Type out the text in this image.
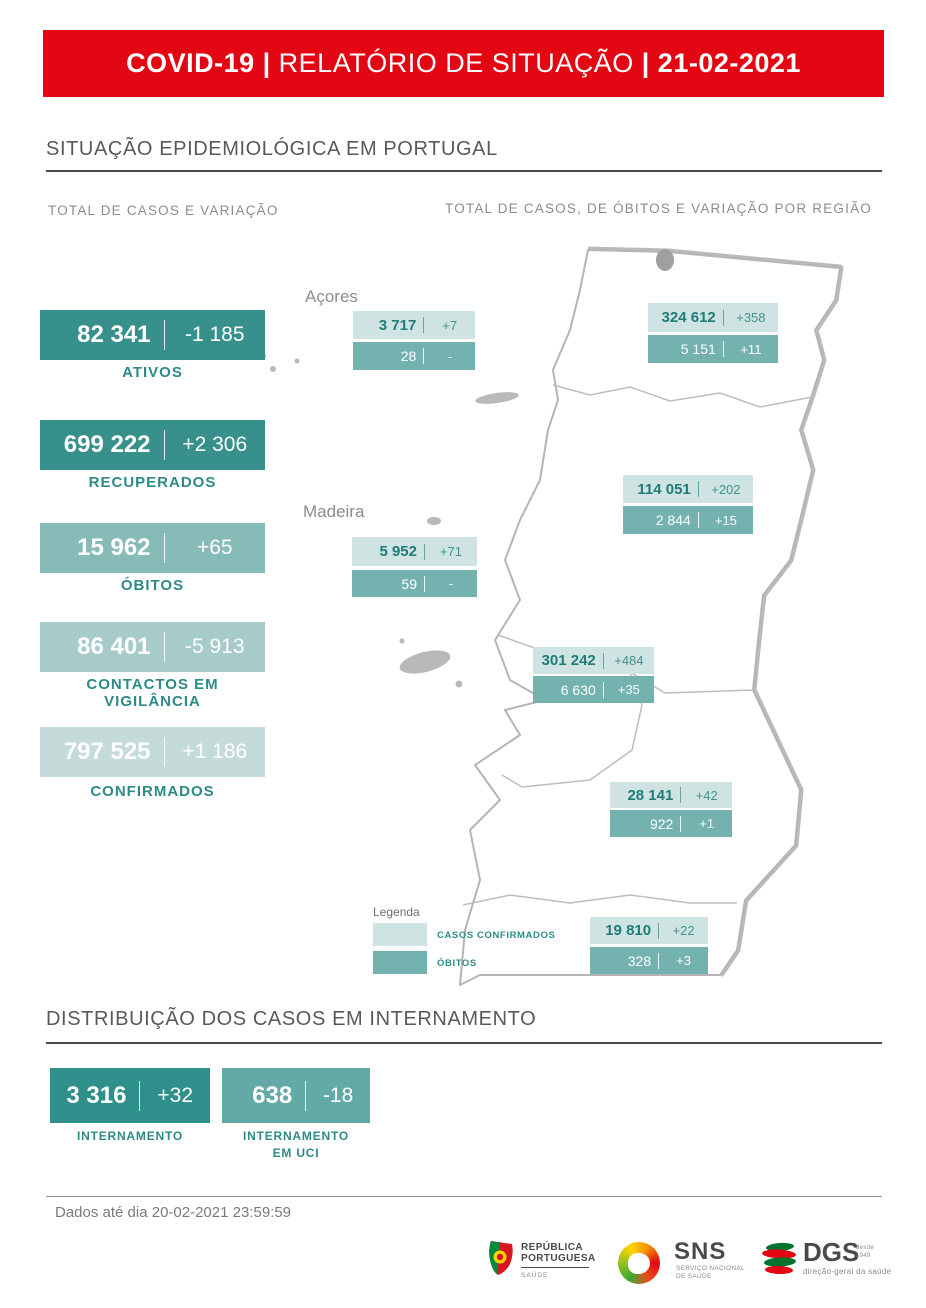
COVID-19 | RELATÓRIO DE SITUAÇÃO | 21-02-2021
SITUAÇÃO EPIDEMIOLÓGICA EM PORTUGAL
TOTAL DE CASOS E VARIAÇÃO	TOTAL DE CASOS, DE ÓBITOS E VARIAÇÃO POR REGIÃO
82 341	-1 185
ATIVOS
699 222	+2 306
RECUPERADOS
15 962	+65
ÓBITOS
86 401	-5 913
CONTACTOS EM VIGILÂNCIA
797 525	+1 186
CONFIRMADOS
Açores
3 717	+7
28	-
Madeira
5 952	+71
59	-
324 612	+358
5 151	+11
114 051	+202
2 844	+15
301 242	+484
6 630	+35
28 141	+42
922	+1
19 810	+22
328	+3
Legenda
CASOS CONFIRMADOS
ÓBITOS
DISTRIBUIÇÃO DOS CASOS EM INTERNAMENTO
3 316	+32
INTERNAMENTO
638	-18
INTERNAMENTO
EM UCI
Dados até dia 20-02-2021 23:59:59
REPÚBLICA
PORTUGUESA
SAÚDE
SNS
SERVIÇO NACIONAL
DE SAÚDE
DGS
desde
1949
direção-geral da saúde
